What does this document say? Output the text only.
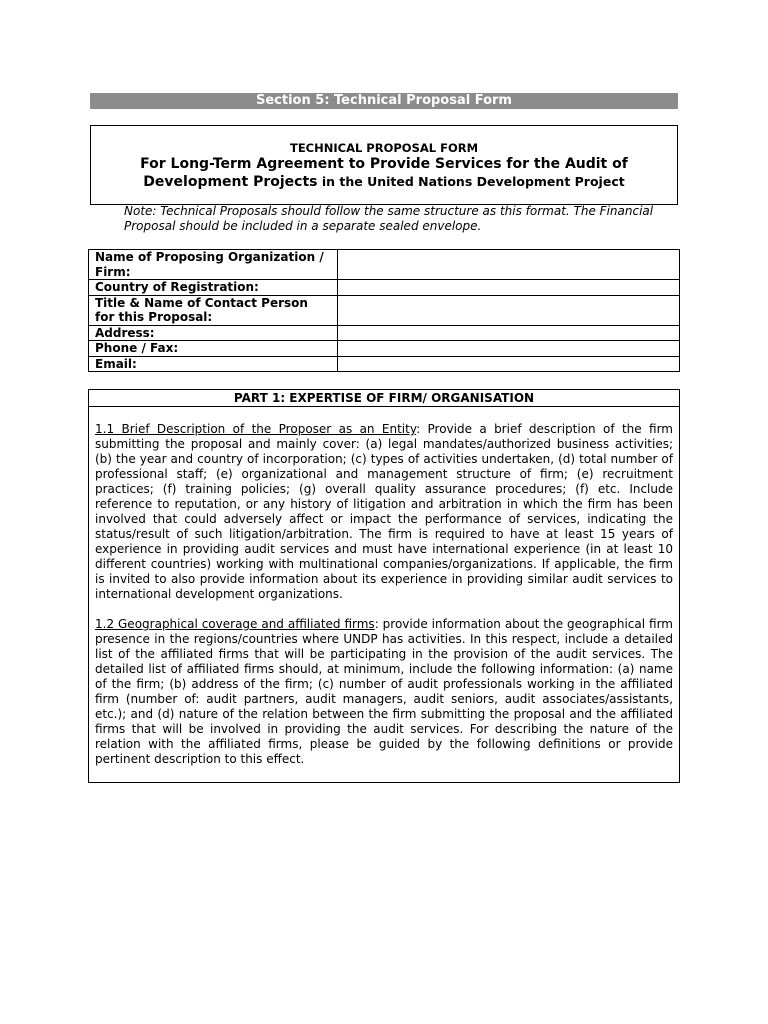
Section 5: Technical Proposal Form
TECHNICAL PROPOSAL FORM
For Long-Term Agreement to Provide Services for the Audit of
Development Projects in the United Nations Development Project
Note: Technical Proposals should follow the same structure as this format. The Financial Proposal should be included in a separate sealed envelope.
Name of Proposing Organization / Firm:	
Country of Registration:	
Title & Name of Contact Person for this Proposal:	
Address:	
Phone / Fax:	
Email:	
PART 1: EXPERTISE OF FIRM/ ORGANISATION

1.1 Brief Description of the Proposer as an Entity: Provide a brief description of the firm submitting the proposal and mainly cover: (a) legal mandates/authorized business activities; (b) the year and country of incorporation; (c) types of activities undertaken, (d) total number of professional staff; (e) organizational and management structure of firm; (e) recruitment practices; (f) training policies; (g) overall quality assurance procedures; (f) etc. Include reference to reputation, or any history of litigation and arbitration in which the firm has been involved that could adversely affect or impact the performance of services, indicating the status/result of such litigation/arbitration. The firm is required to have at least 15 years of experience in providing audit services and must have international experience (in at least 10 different countries) working with multinational companies/organizations. If applicable, the firm is invited to also provide information about its experience in providing similar audit services to international development organizations.

1.2 Geographical coverage and affiliated firms: provide information about the geographical firm presence in the regions/countries where UNDP has activities. In this respect, include a detailed list of the affiliated firms that will be participating in the provision of the audit services. The detailed list of affiliated firms should, at minimum, include the following information: (a) name of the firm; (b) address of the firm; (c) number of audit professionals working in the affiliated firm (number of: audit partners, audit managers, audit seniors, audit associates/assistants, etc.); and (d) nature of the relation between the firm submitting the proposal and the affiliated firms that will be involved in providing the audit services. For describing the nature of the relation with the affiliated firms, please be guided by the following definitions or provide pertinent description to this effect.
